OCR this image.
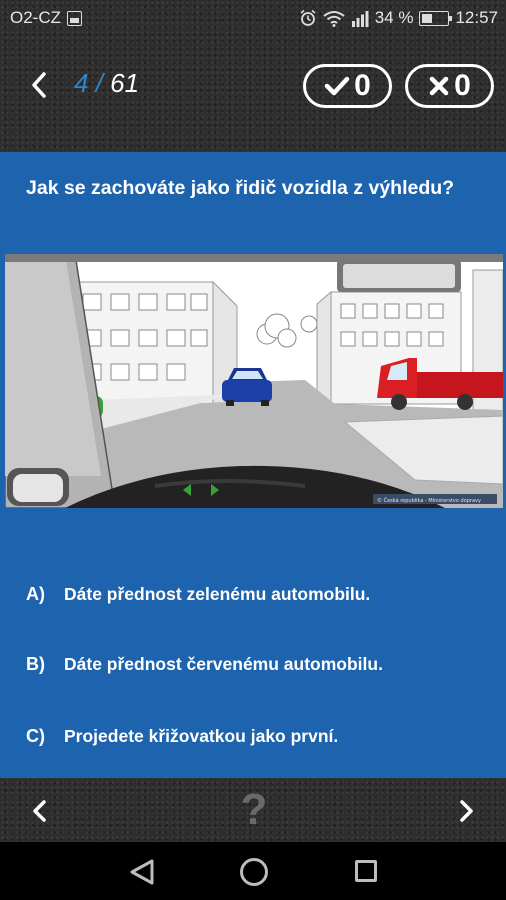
O2-CZ	34 % 12:57
4 / 61	0	0
Jak se zachováte jako řidič vozidla z výhledu?
© Česká republika - Ministerstvo dopravy
A) Dáte přednost zelenému automobilu.
B) Dáte přednost červenému automobilu.
C) Projedete křižovatkou jako první.
?
